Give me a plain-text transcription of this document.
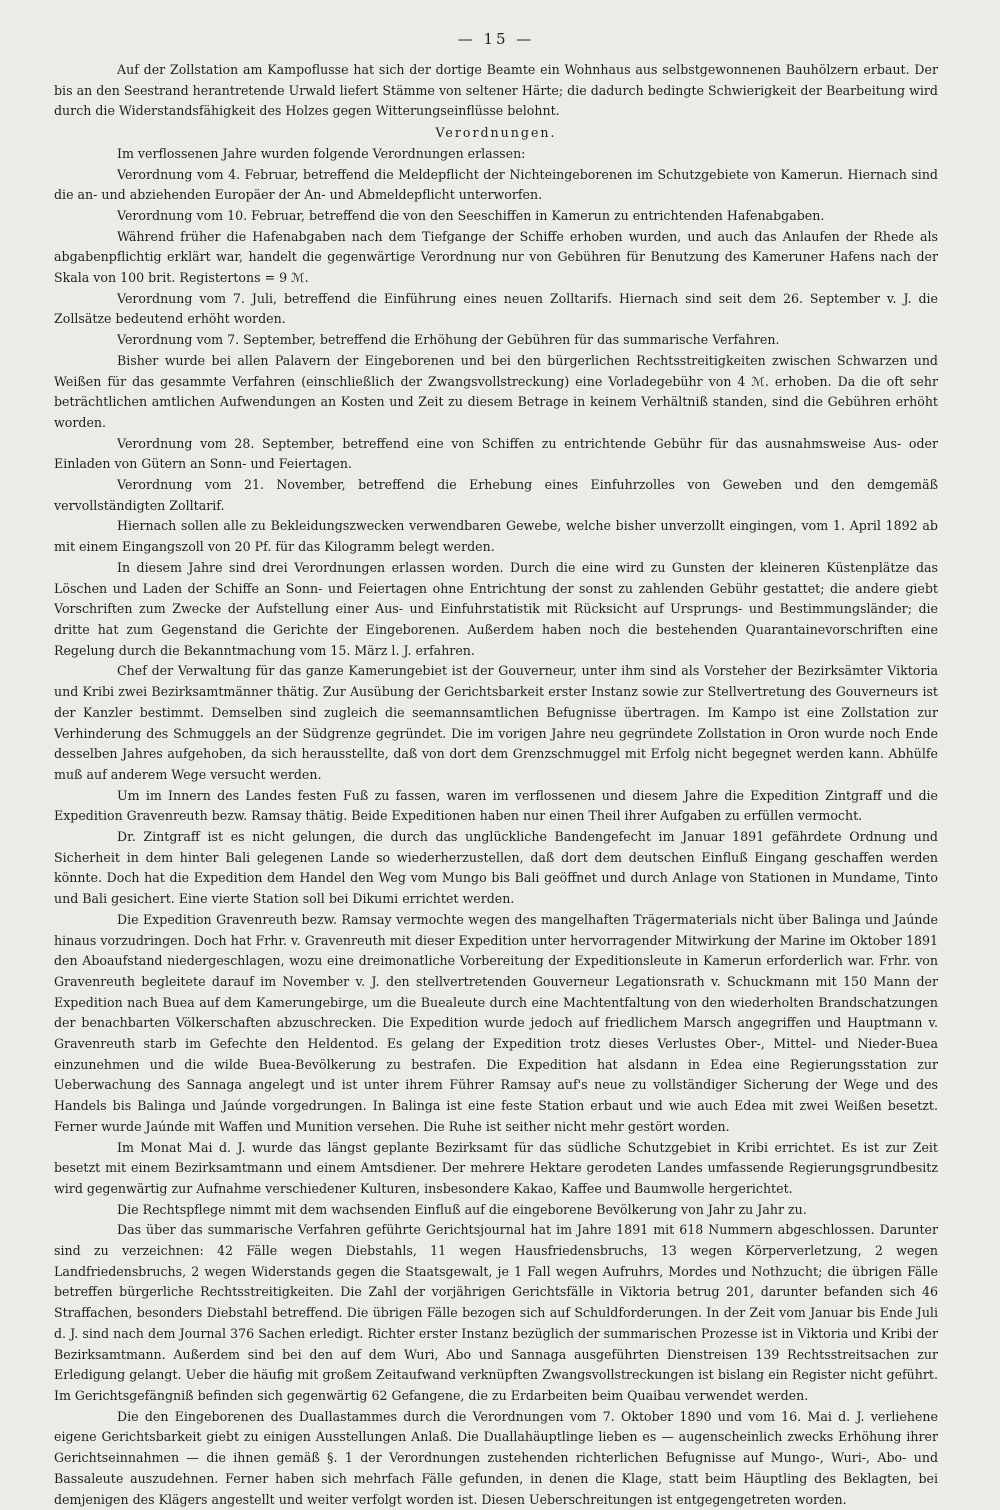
— 15 —

Auf der Zollstation am Kampoflusse hat sich der dortige Beamte ein Wohnhaus aus selbstgewonnenen Bauhölzern erbaut. Der bis an den Seestrand herantretende Urwald liefert Stämme von seltener Härte; die dadurch bedingte Schwierigkeit der Bearbeitung wird durch die Widerstandsfähigkeit des Holzes gegen Witterungseinflüsse belohnt.

Verordnungen.

Im verflossenen Jahre wurden folgende Verordnungen erlassen:

Verordnung vom 4. Februar, betreffend die Meldepflicht der Nichteingeborenen im Schutzgebiete von Kamerun. Hiernach sind die an- und abziehenden Europäer der An- und Abmeldepflicht unterworfen.

Verordnung vom 10. Februar, betreffend die von den Seeschiffen in Kamerun zu entrichtenden Hafenabgaben.

Während früher die Hafenabgaben nach dem Tiefgange der Schiffe erhoben wurden, und auch das Anlaufen der Rhede als abgabenpflichtig erklärt war, handelt die gegenwärtige Verordnung nur von Gebühren für Benutzung des Kameruner Hafens nach der Skala von 100 brit. Registertons = 9 ℳ.

Verordnung vom 7. Juli, betreffend die Einführung eines neuen Zolltarifs. Hiernach sind seit dem 26. September v. J. die Zollsätze bedeutend erhöht worden.

Verordnung vom 7. September, betreffend die Erhöhung der Gebühren für das summarische Verfahren.

Bisher wurde bei allen Palavern der Eingeborenen und bei den bürgerlichen Rechtsstreitigkeiten zwischen Schwarzen und Weißen für das gesammte Verfahren (einschließlich der Zwangsvollstreckung) eine Vorladegebühr von 4 ℳ. erhoben. Da die oft sehr beträchtlichen amtlichen Aufwendungen an Kosten und Zeit zu diesem Betrage in keinem Verhältniß standen, sind die Gebühren erhöht worden.

Verordnung vom 28. September, betreffend eine von Schiffen zu entrichtende Gebühr für das ausnahmsweise Aus- oder Einladen von Gütern an Sonn- und Feiertagen.

Verordnung vom 21. November, betreffend die Erhebung eines Einfuhrzolles von Geweben und den demgemäß vervollständigten Zolltarif.

Hiernach sollen alle zu Bekleidungszwecken verwendbaren Gewebe, welche bisher unverzollt eingingen, vom 1. April 1892 ab mit einem Eingangszoll von 20 Pf. für das Kilogramm belegt werden.

In diesem Jahre sind drei Verordnungen erlassen worden. Durch die eine wird zu Gunsten der kleineren Küstenplätze das Löschen und Laden der Schiffe an Sonn- und Feiertagen ohne Entrichtung der sonst zu zahlenden Gebühr gestattet; die andere giebt Vorschriften zum Zwecke der Aufstellung einer Aus- und Einfuhrstatistik mit Rücksicht auf Ursprungs- und Bestimmungsländer; die dritte hat zum Gegenstand die Gerichte der Eingeborenen. Außerdem haben noch die bestehenden Quarantainevorschriften eine Regelung durch die Bekanntmachung vom 15. März l. J. erfahren.

Chef der Verwaltung für das ganze Kamerungebiet ist der Gouverneur, unter ihm sind als Vorsteher der Bezirksämter Viktoria und Kribi zwei Bezirksamtmänner thätig. Zur Ausübung der Gerichtsbarkeit erster Instanz sowie zur Stellvertretung des Gouverneurs ist der Kanzler bestimmt. Demselben sind zugleich die seemannsamtlichen Befugnisse übertragen. Im Kampo ist eine Zollstation zur Verhinderung des Schmuggels an der Südgrenze gegründet. Die im vorigen Jahre neu gegründete Zollstation in Oron wurde noch Ende desselben Jahres aufgehoben, da sich herausstellte, daß von dort dem Grenzschmuggel mit Erfolg nicht begegnet werden kann. Abhülfe muß auf anderem Wege versucht werden.

Um im Innern des Landes festen Fuß zu fassen, waren im verflossenen und diesem Jahre die Expedition Zintgraff und die Expedition Gravenreuth bezw. Ramsay thätig. Beide Expeditionen haben nur einen Theil ihrer Aufgaben zu erfüllen vermocht.

Dr. Zintgraff ist es nicht gelungen, die durch das unglückliche Bandengefecht im Januar 1891 gefährdete Ordnung und Sicherheit in dem hinter Bali gelegenen Lande so wiederherzustellen, daß dort dem deutschen Einfluß Eingang geschaffen werden könnte. Doch hat die Expedition dem Handel den Weg vom Mungo bis Bali geöffnet und durch Anlage von Stationen in Mundame, Tinto und Bali gesichert. Eine vierte Station soll bei Dikumi errichtet werden.

Die Expedition Gravenreuth bezw. Ramsay vermochte wegen des mangelhaften Trägermaterials nicht über Balinga und Jaúnde hinaus vorzudringen. Doch hat Frhr. v. Gravenreuth mit dieser Expedition unter hervorragender Mitwirkung der Marine im Oktober 1891 den Aboaufstand niedergeschlagen, wozu eine dreimonatliche Vorbereitung der Expeditionsleute in Kamerun erforderlich war. Frhr. von Gravenreuth begleitete darauf im November v. J. den stellvertretenden Gouverneur Legationsrath v. Schuckmann mit 150 Mann der Expedition nach Buea auf dem Kamerungebirge, um die Buealeute durch eine Machtentfaltung von den wiederholten Brandschatzungen der benachbarten Völkerschaften abzuschrecken. Die Expedition wurde jedoch auf friedlichem Marsch angegriffen und Hauptmann v. Gravenreuth starb im Gefechte den Heldentod. Es gelang der Expedition trotz dieses Verlustes Ober-, Mittel- und Nieder-Buea einzunehmen und die wilde Buea-Bevölkerung zu bestrafen. Die Expedition hat alsdann in Edea eine Regierungsstation zur Ueberwachung des Sannaga angelegt und ist unter ihrem Führer Ramsay auf's neue zu vollständiger Sicherung der Wege und des Handels bis Balinga und Jaúnde vorgedrungen. In Balinga ist eine feste Station erbaut und wie auch Edea mit zwei Weißen besetzt. Ferner wurde Jaúnde mit Waffen und Munition versehen. Die Ruhe ist seither nicht mehr gestört worden.

Im Monat Mai d. J. wurde das längst geplante Bezirksamt für das südliche Schutzgebiet in Kribi errichtet. Es ist zur Zeit besetzt mit einem Bezirksamtmann und einem Amtsdiener. Der mehrere Hektare gerodeten Landes umfassende Regierungsgrundbesitz wird gegenwärtig zur Aufnahme verschiedener Kulturen, insbesondere Kakao, Kaffee und Baumwolle hergerichtet.

Die Rechtspflege nimmt mit dem wachsenden Einfluß auf die eingeborene Bevölkerung von Jahr zu Jahr zu.

Das über das summarische Verfahren geführte Gerichtsjournal hat im Jahre 1891 mit 618 Nummern abgeschlossen. Darunter sind zu verzeichnen: 42 Fälle wegen Diebstahls, 11 wegen Hausfriedensbruchs, 13 wegen Körperverletzung, 2 wegen Landfriedensbruchs, 2 wegen Widerstands gegen die Staatsgewalt, je 1 Fall wegen Aufruhrs, Mordes und Nothzucht; die übrigen Fälle betreffen bürgerliche Rechtsstreitigkeiten. Die Zahl der vorjährigen Gerichtsfälle in Viktoria betrug 201, darunter befanden sich 46 Straffachen, besonders Diebstahl betreffend. Die übrigen Fälle bezogen sich auf Schuldforderungen. In der Zeit vom Januar bis Ende Juli d. J. sind nach dem Journal 376 Sachen erledigt. Richter erster Instanz bezüglich der summarischen Prozesse ist in Viktoria und Kribi der Bezirksamtmann. Außerdem sind bei den auf dem Wuri, Abo und Sannaga ausgeführten Dienstreisen 139 Rechtsstreitsachen zur Erledigung gelangt. Ueber die häufig mit großem Zeitaufwand verknüpften Zwangsvollstreckungen ist bislang ein Register nicht geführt. Im Gerichtsgefängniß befinden sich gegenwärtig 62 Gefangene, die zu Erdarbeiten beim Quaibau verwendet werden.

Die den Eingeborenen des Duallastammes durch die Verordnungen vom 7. Oktober 1890 und vom 16. Mai d. J. verliehene eigene Gerichtsbarkeit giebt zu einigen Ausstellungen Anlaß. Die Duallahäuptlinge lieben es — augenscheinlich zwecks Erhöhung ihrer Gerichtseinnahmen — die ihnen gemäß §. 1 der Verordnungen zustehenden richterlichen Befugnisse auf Mungo-, Wuri-, Abo- und Bassaleute auszudehnen. Ferner haben sich mehrfach Fälle gefunden, in denen die Klage, statt beim Häuptling des Beklagten, bei demjenigen des Klägers angestellt und weiter verfolgt worden ist. Diesen Ueberschreitungen ist entgegengetreten worden.
